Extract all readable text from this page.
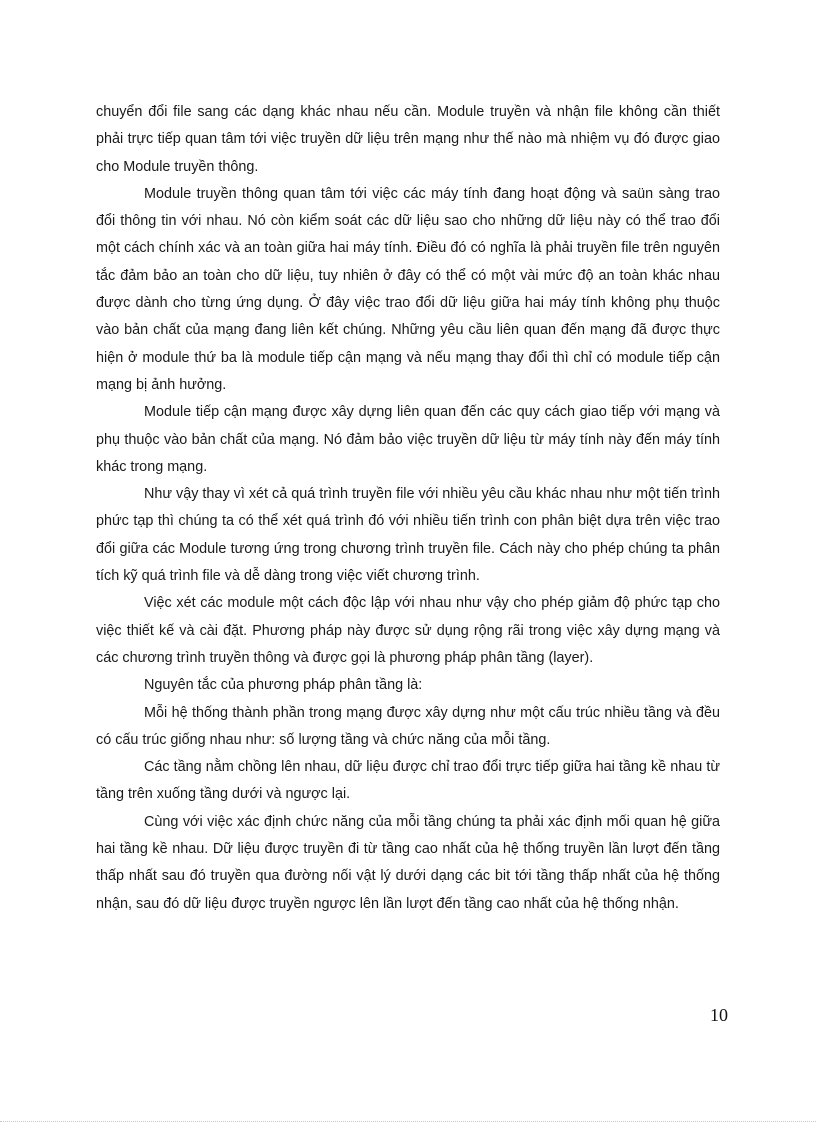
chuyển đổi file sang các dạng khác nhau nếu cần. Module truyền và nhận file không cần thiết phải trực tiếp quan tâm tới việc truyền dữ liệu trên mạng như thế nào mà nhiệm vụ đó được giao cho Module truyền thông.

Module truyền thông quan tâm tới việc các máy tính đang hoạt động và saün sàng trao đổi thông tin với nhau. Nó còn kiểm soát các dữ liệu sao cho những dữ liệu này có thể trao đổi một cách chính xác và an toàn giữa hai máy tính. Điều đó có nghĩa là phải truyền file trên nguyên tắc đảm bảo an toàn cho dữ liệu, tuy nhiên ở đây có thể có một vài mức độ an toàn khác nhau được dành cho từng ứng dụng. Ở đây việc trao đổi dữ liệu giữa hai máy tính không phụ thuộc vào bản chất của mạng đang liên kết chúng. Những yêu cầu liên quan đến mạng đã được thực hiện ở module thứ ba là module tiếp cận mạng và nếu mạng thay đổi thì chỉ có module tiếp cận mạng bị ảnh hưởng.

Module tiếp cận mạng được xây dựng liên quan đến các quy cách giao tiếp với mạng và phụ thuộc vào bản chất của mạng. Nó đảm bảo việc truyền dữ liệu từ máy tính này đến máy tính khác trong mạng.

Như vậy thay vì xét cả quá trình truyền file với nhiều yêu cầu khác nhau như một tiến trình phức tạp thì chúng ta có thể xét quá trình đó với nhiều tiến trình con phân biệt dựa trên việc trao đổi giữa các Module tương ứng trong chương trình truyền file. Cách này cho phép chúng ta phân tích kỹ quá trình file và dễ dàng trong việc viết chương trình.

Việc xét các module một cách độc lập với nhau như vậy cho phép giảm độ phức tạp cho việc thiết kế và cài đặt. Phương pháp này được sử dụng rộng rãi trong việc xây dựng mạng và các chương trình truyền thông và được gọi là phương pháp phân tầng (layer).

Nguyên tắc của phương pháp phân tầng là:

Mỗi hệ thống thành phần trong mạng được xây dựng như một cấu trúc nhiều tầng và đều có cấu trúc giống nhau như: số lượng tầng và chức năng của mỗi tầng.

Các tầng nằm chồng lên nhau, dữ liệu được chỉ trao đổi trực tiếp giữa hai tầng kề nhau từ tầng trên xuống tầng dưới và ngược lại.

Cùng với việc xác định chức năng của mỗi tầng chúng ta phải xác định mối quan hệ giữa hai tầng kề nhau. Dữ liệu được truyền đi từ tầng cao nhất của hệ thống truyền lần lượt đến tầng thấp nhất sau đó truyền qua đường nối vật lý dưới dạng các bit tới tầng thấp nhất của hệ thống nhận, sau đó dữ liệu được truyền ngược lên lần lượt đến tầng cao nhất của hệ thống nhận.

10
